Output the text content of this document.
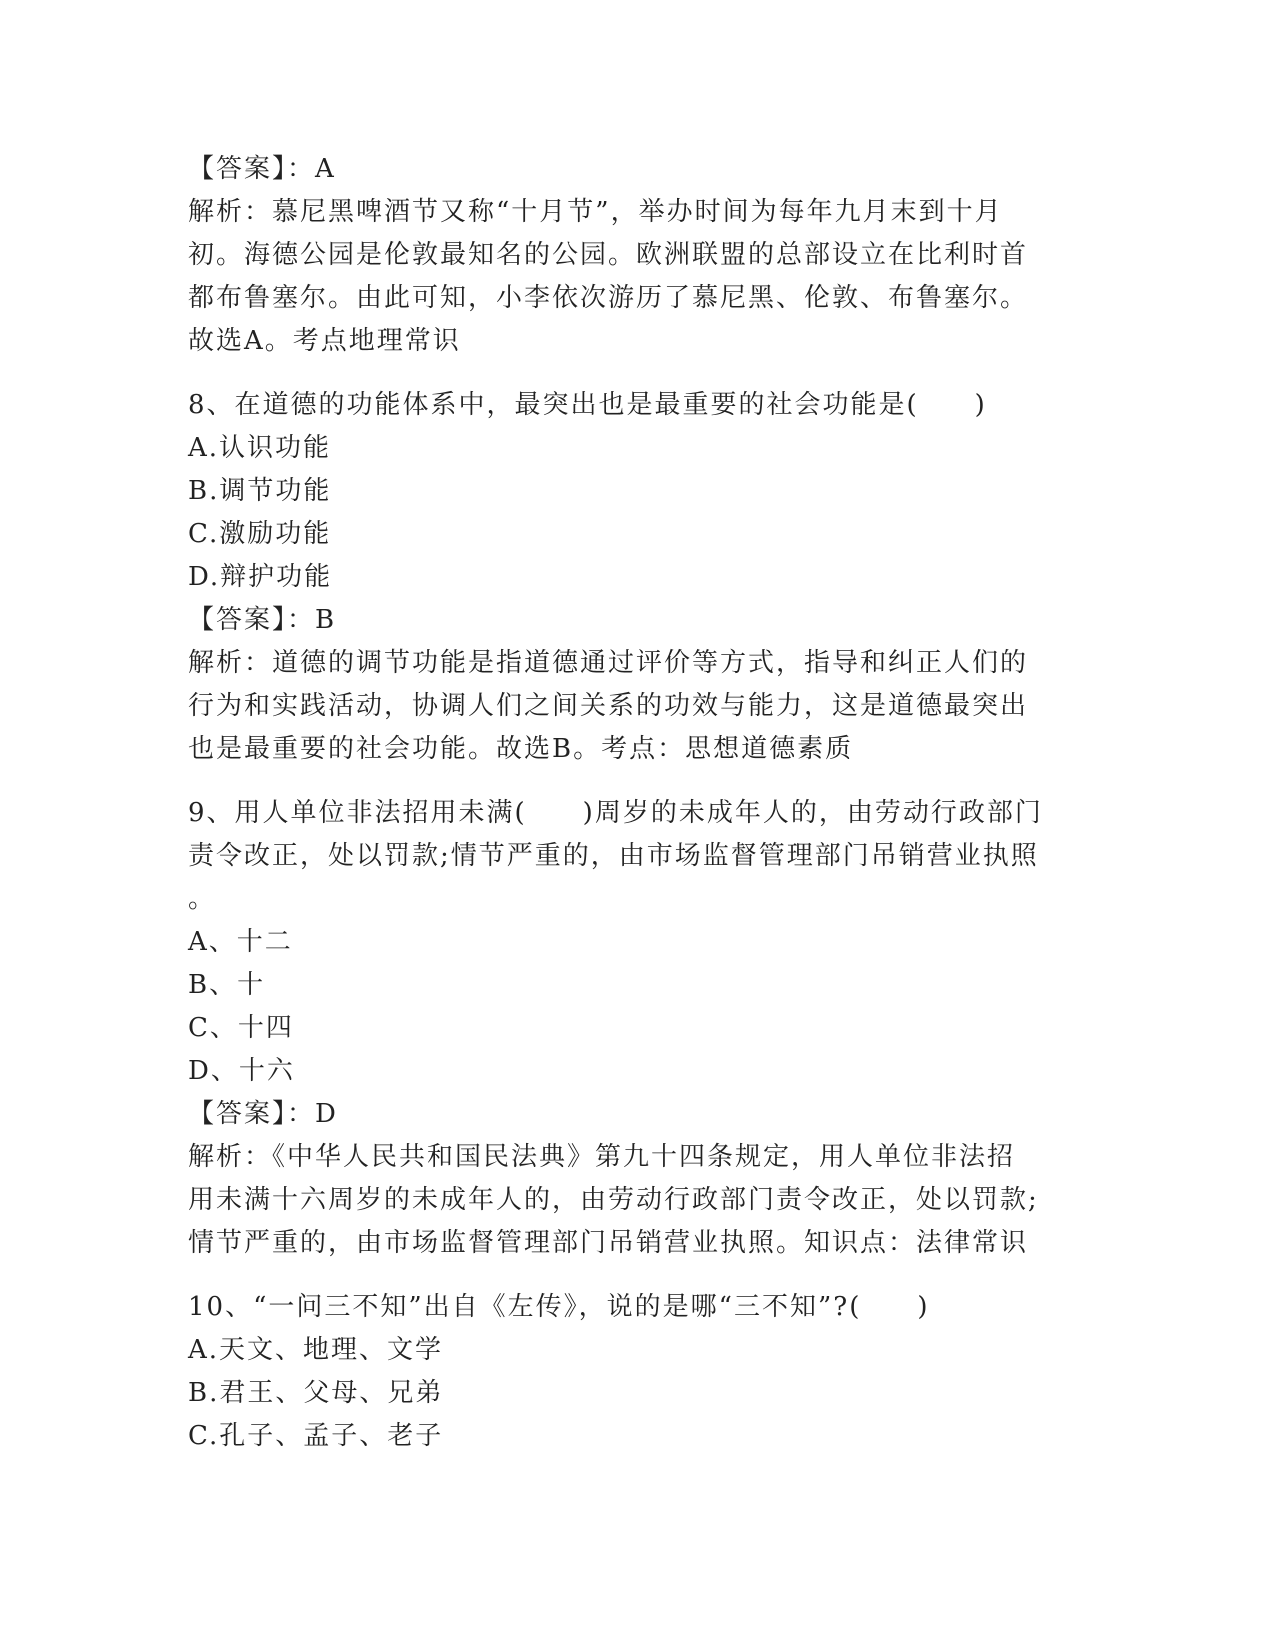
【答案】：A
解析：慕尼黑啤酒节又称“十月节”，举办时间为每年九月末到十月
初。海德公园是伦敦最知名的公园。欧洲联盟的总部设立在比利时首
都布鲁塞尔。由此可知，小李依次游历了慕尼黑、伦敦、布鲁塞尔。
故选A。考点地理常识
8、在道德的功能体系中，最突出也是最重要的社会功能是(　　)
A.认识功能
B.调节功能
C.激励功能
D.辩护功能
【答案】：B
解析：道德的调节功能是指道德通过评价等方式，指导和纠正人们的
行为和实践活动，协调人们之间关系的功效与能力，这是道德最突出
也是最重要的社会功能。故选B。考点：思想道德素质
9、用人单位非法招用未满(　　)周岁的未成年人的，由劳动行政部门
责令改正，处以罚款;情节严重的，由市场监督管理部门吊销营业执照
。
A、十二
B、十
C、十四
D、十六
【答案】：D
解析：《中华人民共和国民法典》第九十四条规定，用人单位非法招
用未满十六周岁的未成年人的，由劳动行政部门责令改正，处以罚款;
情节严重的，由市场监督管理部门吊销营业执照。知识点：法律常识
10、“一问三不知”出自《左传》，说的是哪“三不知”?(　　)
A.天文、地理、文学
B.君王、父母、兄弟
C.孔子、孟子、老子
